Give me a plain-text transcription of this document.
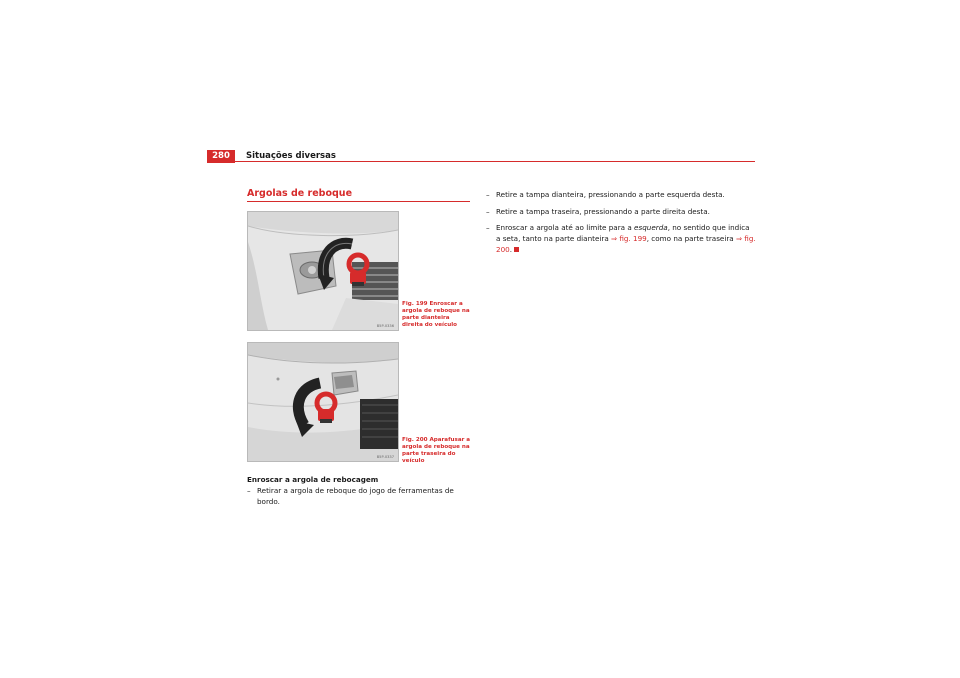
280	Situações diversas
Argolas de reboque
B5P-0336
Fig. 199 Enroscar a argola de reboque na parte dianteira direita do veículo
B5P-0337
Fig. 200 Aparafusar a argola de reboque na parte traseira do veículo
Enroscar a argola de rebocagem
– Retirar a argola de reboque do jogo de ferramentas de bordo.
– Retire a tampa dianteira, pressionando a parte esquerda desta.
– Retire a tampa traseira, pressionando a parte direita desta.
– Enroscar a argola até ao limite para a esquerda, no sentido que indica a seta, tanto na parte dianteira ⇒ fig. 199, como na parte traseira ⇒ fig. 200.
